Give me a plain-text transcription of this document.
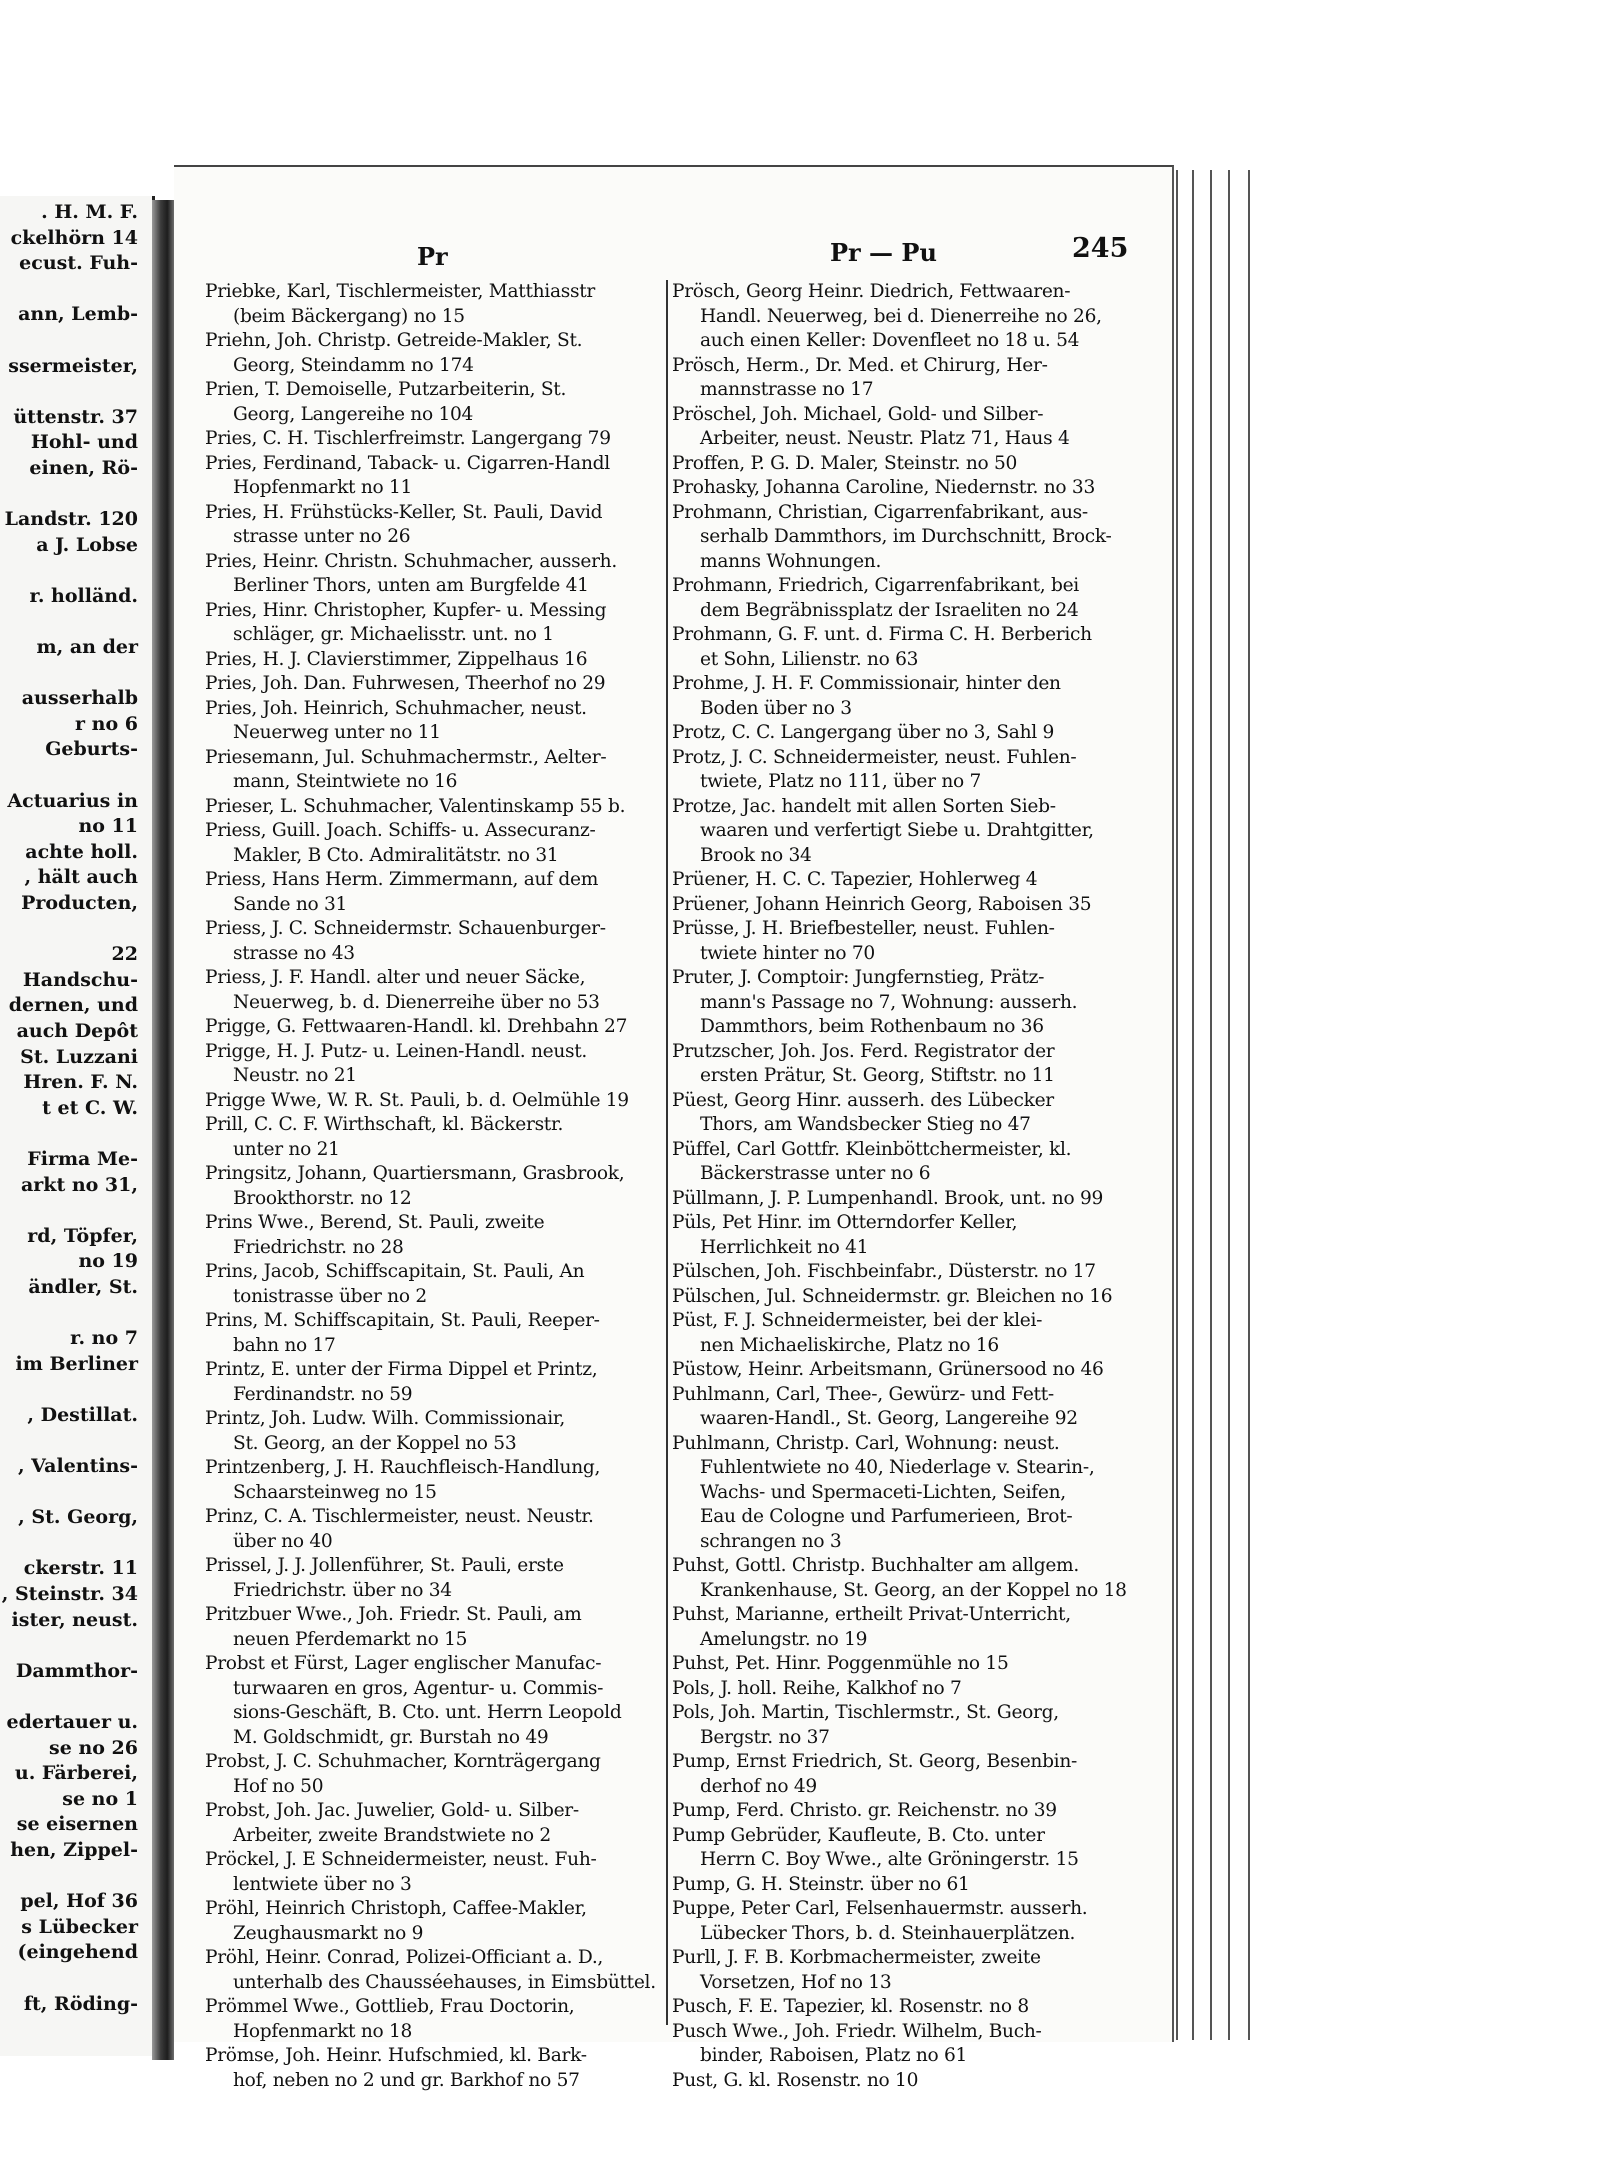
. H. M. F.
ckelhörn 14
ecust. Fuh-

ann, Lemb-

ssermeister,

üttenstr. 37
Hohl- und
einen, Rö-

Landstr. 120
a J. Lobse

r. holländ.

m, an der

ausserhalb
r no 6
Geburts-

Actuarius in
no 11
achte holl.
, hält auch
Producten,

22
Handschu-
dernen, und
auch Depôt
St. Luzzani
Hren. F. N.
t et C. W.

Firma Me-
arkt no 31,

rd, Töpfer,
no 19
ändler, St.

r. no 7
im Berliner

, Destillat.

, Valentins-

, St. Georg,

ckerstr. 11
, Steinstr. 34
ister, neust.

Dammthor-

edertauer u.
se no 26
u. Färberei,
se no 1
se eisernen
hen, Zippel-

pel, Hof 36
s Lübecker
(eingehend

ft, Röding-
Pr	Pr — Pu	245
Priebke, Karl, Tischlermeister, Matthiasstr
(beim Bäckergang) no 15
Priehn, Joh. Christp. Getreide-Makler, St.
Georg, Steindamm no 174
Prien, T. Demoiselle, Putzarbeiterin, St.
Georg, Langereihe no 104
Pries, C. H. Tischlerfreimstr. Langergang 79
Pries, Ferdinand, Taback- u. Cigarren-Handl
Hopfenmarkt no 11
Pries, H. Frühstücks-Keller, St. Pauli, David
strasse unter no 26
Pries, Heinr. Christn. Schuhmacher, ausserh.
Berliner Thors, unten am Burgfelde 41
Pries, Hinr. Christopher, Kupfer- u. Messing
schläger, gr. Michaelisstr. unt. no 1
Pries, H. J. Clavierstimmer, Zippelhaus 16
Pries, Joh. Dan. Fuhrwesen, Theerhof no 29
Pries, Joh. Heinrich, Schuhmacher, neust.
Neuerweg unter no 11
Priesemann, Jul. Schuhmachermstr., Aelter-
mann, Steintwiete no 16
Prieser, L. Schuhmacher, Valentinskamp 55 b.
Priess, Guill. Joach. Schiffs- u. Assecuranz-
Makler, B Cto. Admiralitätstr. no 31
Priess, Hans Herm. Zimmermann, auf dem
Sande no 31
Priess, J. C. Schneidermstr. Schauenburger-
strasse no 43
Priess, J. F. Handl. alter und neuer Säcke,
Neuerweg, b. d. Dienerreihe über no 53
Prigge, G. Fettwaaren-Handl. kl. Drehbahn 27
Prigge, H. J. Putz- u. Leinen-Handl. neust.
Neustr. no 21
Prigge Wwe, W. R. St. Pauli, b. d. Oelmühle 19
Prill, C. C. F. Wirthschaft, kl. Bäckerstr.
unter no 21
Pringsitz, Johann, Quartiersmann, Grasbrook,
Brookthorstr. no 12
Prins Wwe., Berend, St. Pauli, zweite
Friedrichstr. no 28
Prins, Jacob, Schiffscapitain, St. Pauli, An
tonistrasse über no 2
Prins, M. Schiffscapitain, St. Pauli, Reeper-
bahn no 17
Printz, E. unter der Firma Dippel et Printz,
Ferdinandstr. no 59
Printz, Joh. Ludw. Wilh. Commissionair,
St. Georg, an der Koppel no 53
Printzenberg, J. H. Rauchfleisch-Handlung,
Schaarsteinweg no 15
Prinz, C. A. Tischlermeister, neust. Neustr.
über no 40
Prissel, J. J. Jollenführer, St. Pauli, erste
Friedrichstr. über no 34
Pritzbuer Wwe., Joh. Friedr. St. Pauli, am
neuen Pferdemarkt no 15
Probst et Fürst, Lager englischer Manufac-
turwaaren en gros, Agentur- u. Commis-
sions-Geschäft, B. Cto. unt. Herrn Leopold
M. Goldschmidt, gr. Burstah no 49
Probst, J. C. Schuhmacher, Kornträgergang
Hof no 50
Probst, Joh. Jac. Juwelier, Gold- u. Silber-
Arbeiter, zweite Brandstwiete no 2
Pröckel, J. E Schneidermeister, neust. Fuh-
lentwiete über no 3
Pröhl, Heinrich Christoph, Caffee-Makler,
Zeughausmarkt no 9
Pröhl, Heinr. Conrad, Polizei-Officiant a. D.,
unterhalb des Chausséehauses, in Eimsbüttel.
Prömmel Wwe., Gottlieb, Frau Doctorin,
Hopfenmarkt no 18
Prömse, Joh. Heinr. Hufschmied, kl. Bark-
hof, neben no 2 und gr. Barkhof no 57
Prösch, Georg Heinr. Diedrich, Fettwaaren-
Handl. Neuerweg, bei d. Dienerreihe no 26,
auch einen Keller: Dovenfleet no 18 u. 54
Prösch, Herm., Dr. Med. et Chirurg, Her-
mannstrasse no 17
Pröschel, Joh. Michael, Gold- und Silber-
Arbeiter, neust. Neustr. Platz 71, Haus 4
Proffen, P. G. D. Maler, Steinstr. no 50
Prohasky, Johanna Caroline, Niedernstr. no 33
Prohmann, Christian, Cigarrenfabrikant, aus-
serhalb Dammthors, im Durchschnitt, Brock-
manns Wohnungen.
Prohmann, Friedrich, Cigarrenfabrikant, bei
dem Begräbnissplatz der Israeliten no 24
Prohmann, G. F. unt. d. Firma C. H. Berberich
et Sohn, Lilienstr. no 63
Prohme, J. H. F. Commissionair, hinter den
Boden über no 3
Protz, C. C. Langergang über no 3, Sahl 9
Protz, J. C. Schneidermeister, neust. Fuhlen-
twiete, Platz no 111, über no 7
Protze, Jac. handelt mit allen Sorten Sieb-
waaren und verfertigt Siebe u. Drahtgitter,
Brook no 34
Prüener, H. C. C. Tapezier, Hohlerweg 4
Prüener, Johann Heinrich Georg, Raboisen 35
Prüsse, J. H. Briefbesteller, neust. Fuhlen-
twiete hinter no 70
Pruter, J. Comptoir: Jungfernstieg, Prätz-
mann's Passage no 7, Wohnung: ausserh.
Dammthors, beim Rothenbaum no 36
Prutzscher, Joh. Jos. Ferd. Registrator der
ersten Prätur, St. Georg, Stiftstr. no 11
Püest, Georg Hinr. ausserh. des Lübecker
Thors, am Wandsbecker Stieg no 47
Püffel, Carl Gottfr. Kleinböttchermeister, kl.
Bäckerstrasse unter no 6
Püllmann, J. P. Lumpenhandl. Brook, unt. no 99
Püls, Pet Hinr. im Otterndorfer Keller,
Herrlichkeit no 41
Pülschen, Joh. Fischbeinfabr., Düsterstr. no 17
Pülschen, Jul. Schneidermstr. gr. Bleichen no 16
Püst, F. J. Schneidermeister, bei der klei-
nen Michaeliskirche, Platz no 16
Püstow, Heinr. Arbeitsmann, Grünersood no 46
Puhlmann, Carl, Thee-, Gewürz- und Fett-
waaren-Handl., St. Georg, Langereihe 92
Puhlmann, Christp. Carl, Wohnung: neust.
Fuhlentwiete no 40, Niederlage v. Stearin-,
Wachs- und Spermaceti-Lichten, Seifen,
Eau de Cologne und Parfumerieen, Brot-
schrangen no 3
Puhst, Gottl. Christp. Buchhalter am allgem.
Krankenhause, St. Georg, an der Koppel no 18
Puhst, Marianne, ertheilt Privat-Unterricht,
Amelungstr. no 19
Puhst, Pet. Hinr. Poggenmühle no 15
Pols, J. holl. Reihe, Kalkhof no 7
Pols, Joh. Martin, Tischlermstr., St. Georg,
Bergstr. no 37
Pump, Ernst Friedrich, St. Georg, Besenbin-
derhof no 49
Pump, Ferd. Christo. gr. Reichenstr. no 39
Pump Gebrüder, Kaufleute, B. Cto. unter
Herrn C. Boy Wwe., alte Gröningerstr. 15
Pump, G. H. Steinstr. über no 61
Puppe, Peter Carl, Felsenhauermstr. ausserh.
Lübecker Thors, b. d. Steinhauerplätzen.
Purll, J. F. B. Korbmachermeister, zweite
Vorsetzen, Hof no 13
Pusch, F. E. Tapezier, kl. Rosenstr. no 8
Pusch Wwe., Joh. Friedr. Wilhelm, Buch-
binder, Raboisen, Platz no 61
Pust, G. kl. Rosenstr. no 10
